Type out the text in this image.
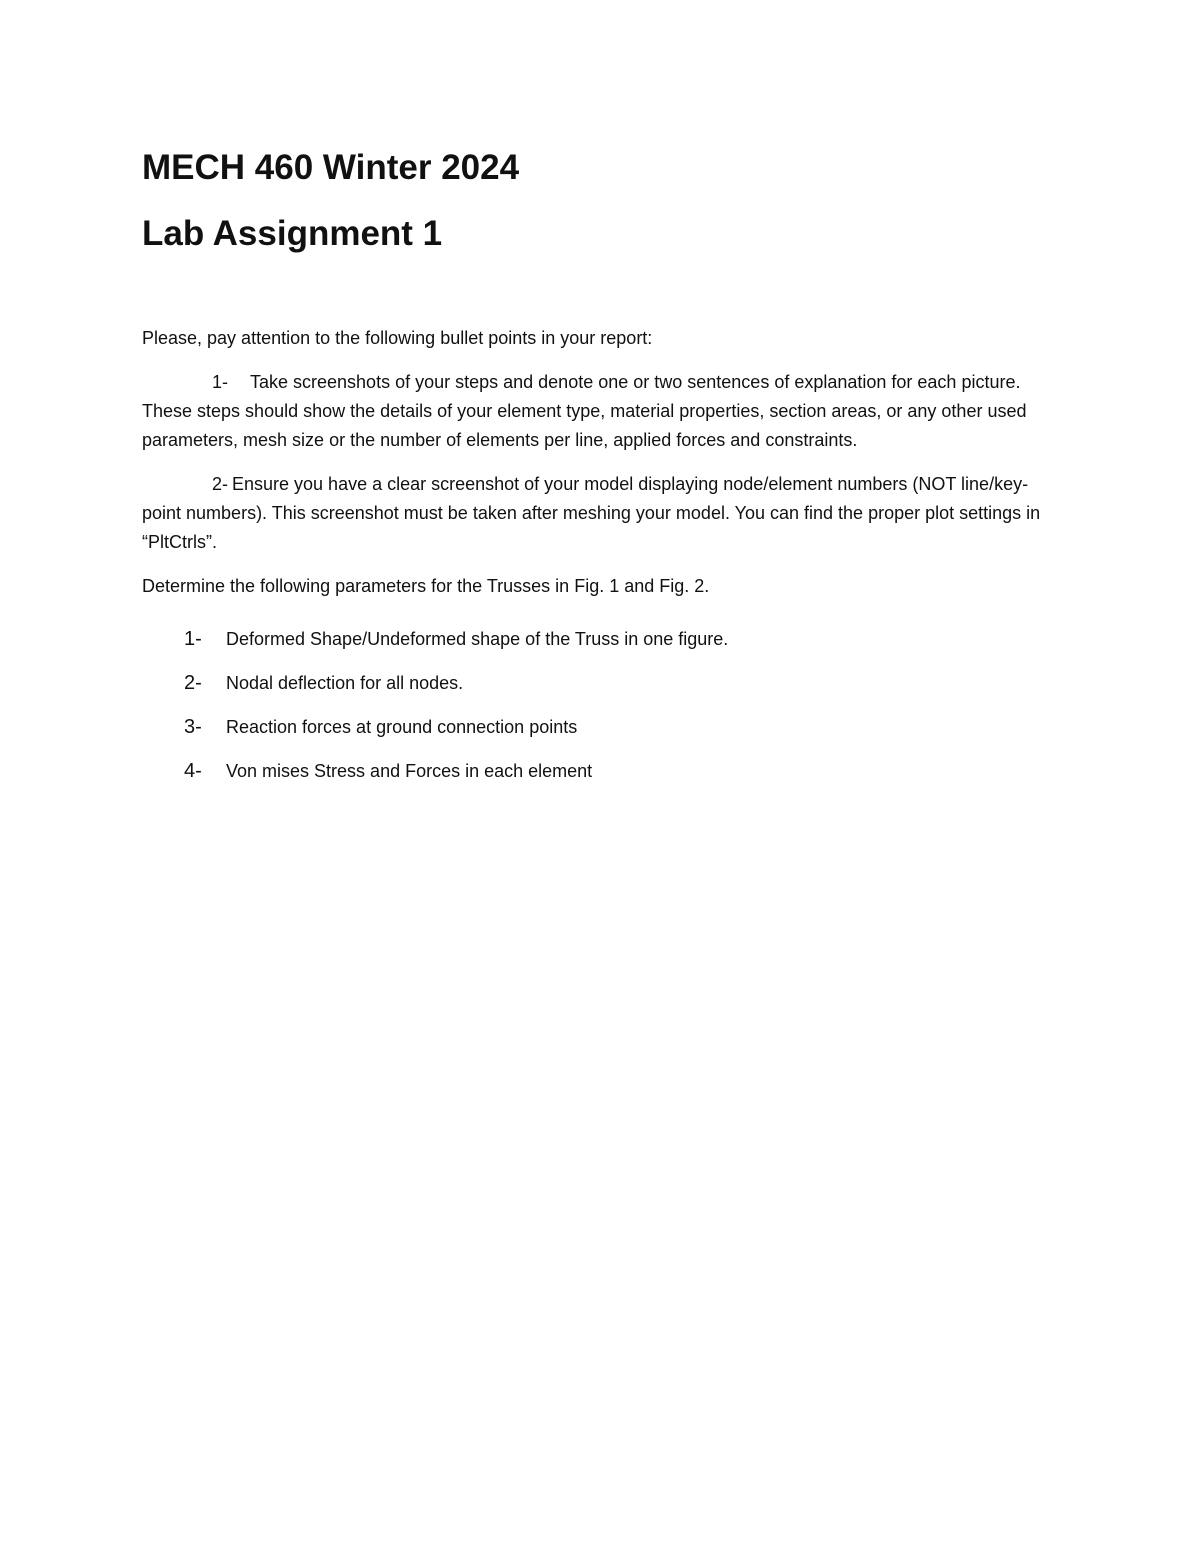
MECH 460 Winter 2024
Lab Assignment 1

Please, pay attention to the following bullet points in your report:

1- Take screenshots of your steps and denote one or two sentences of explanation for each picture. These steps should show the details of your element type, material properties, section areas, or any other used parameters, mesh size or the number of elements per line, applied forces and constraints.

2- Ensure you have a clear screenshot of your model displaying node/element numbers (NOT line/key-point numbers). This screenshot must be taken after meshing your model. You can find the proper plot settings in “PltCtrls”.

Determine the following parameters for the Trusses in Fig. 1 and Fig. 2.

1- Deformed Shape/Undeformed shape of the Truss in one figure.
2- Nodal deflection for all nodes.
3- Reaction forces at ground connection points
4- Von mises Stress and Forces in each element
